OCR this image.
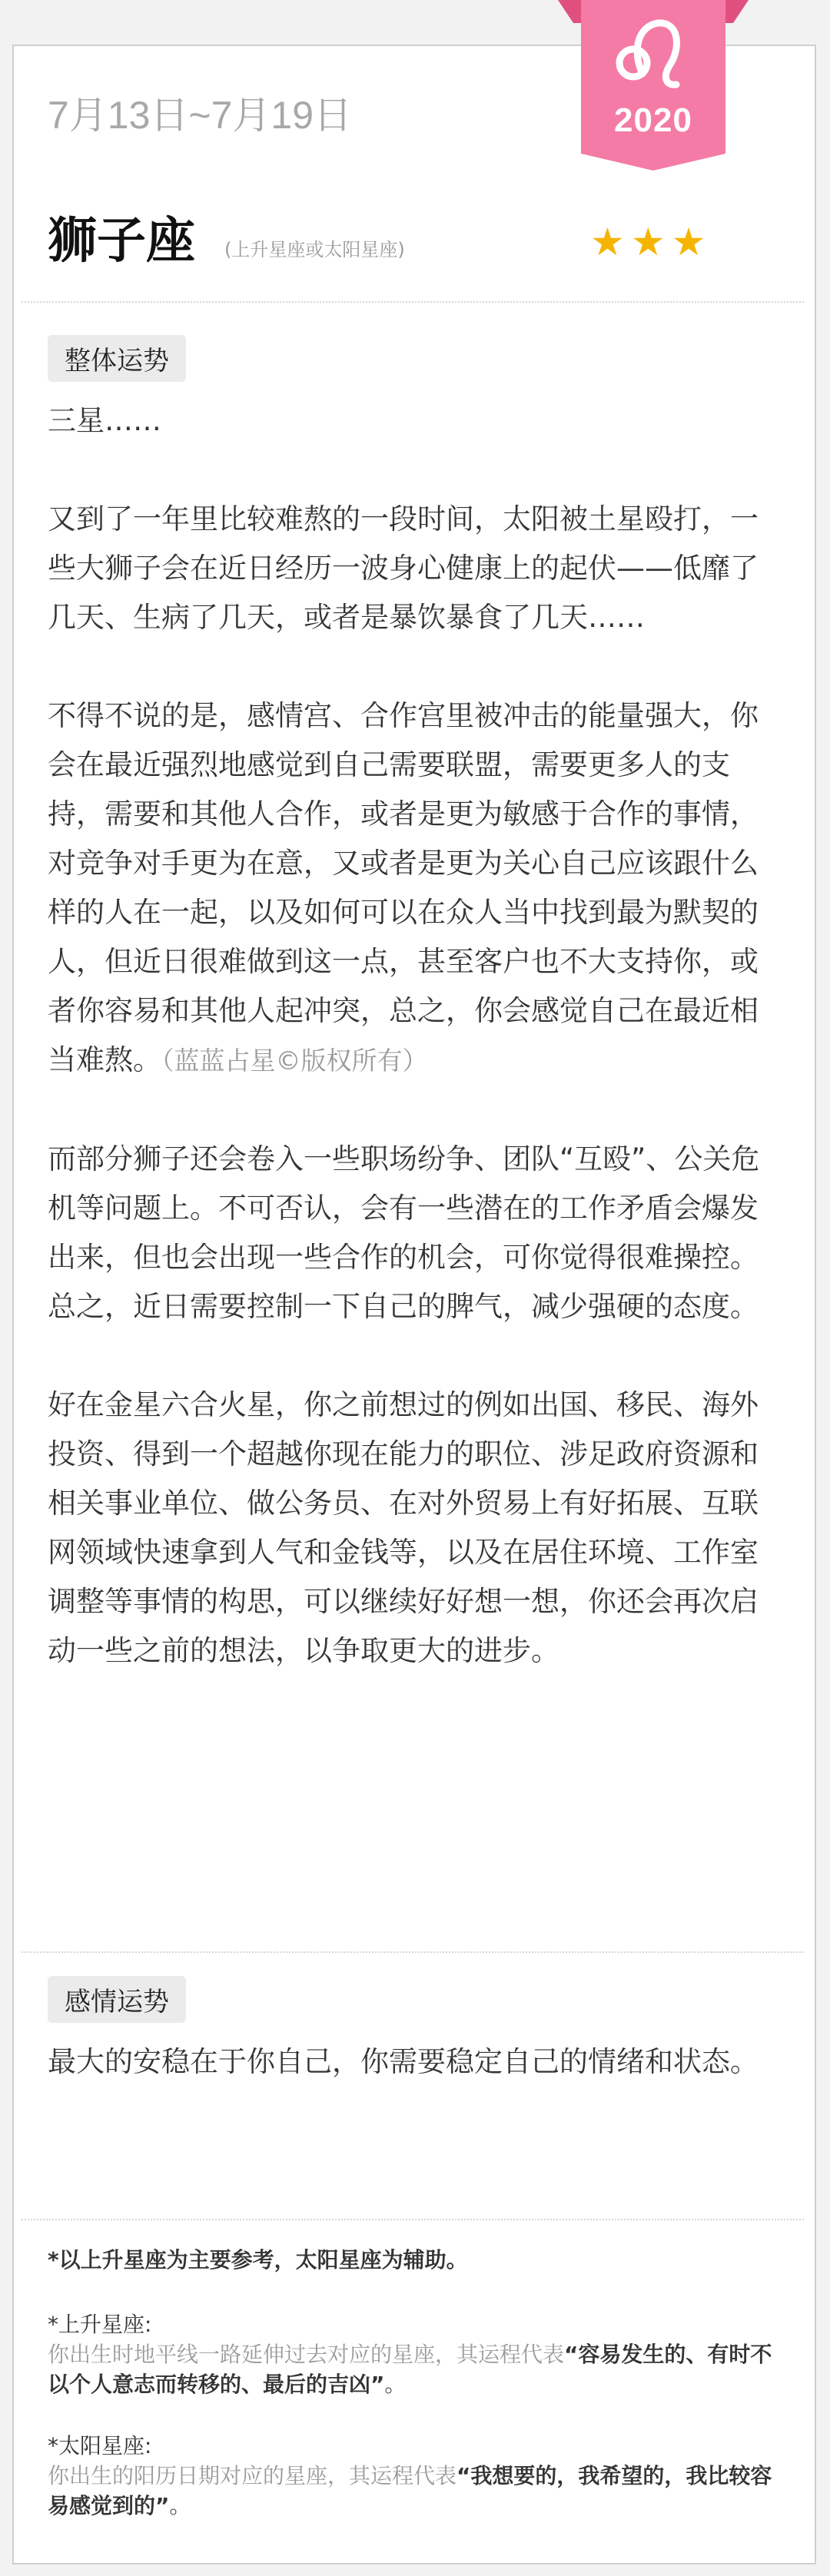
2020
7月13日~7月19日
狮子座 (上升星座或太阳星座)	★★★
整体运势

三星……

又到了一年里比较难熬的一段时间，太阳被土星殴打，一些大狮子会在近日经历一波身心健康上的起伏——低靡了几天、生病了几天，或者是暴饮暴食了几天……

不得不说的是，感情宫、合作宫里被冲击的能量强大，你会在最近强烈地感觉到自己需要联盟，需要更多人的支持，需要和其他人合作，或者是更为敏感于合作的事情，对竞争对手更为在意，又或者是更为关心自己应该跟什么样的人在一起，以及如何可以在众人当中找到最为默契的人，但近日很难做到这一点，甚至客户也不大支持你，或者你容易和其他人起冲突，总之，你会感觉自己在最近相当难熬。（蓝蓝占星©版权所有）

而部分狮子还会卷入一些职场纷争、团队“互殴”、公关危机等问题上。不可否认，会有一些潜在的工作矛盾会爆发出来，但也会出现一些合作的机会，可你觉得很难操控。总之，近日需要控制一下自己的脾气，减少强硬的态度。

好在金星六合火星，你之前想过的例如出国、移民、海外投资、得到一个超越你现在能力的职位、涉足政府资源和相关事业单位、做公务员、在对外贸易上有好拓展、互联网领域快速拿到人气和金钱等，以及在居住环境、工作室调整等事情的构思，可以继续好好想一想，你还会再次启动一些之前的想法，以争取更大的进步。

感情运势

最大的安稳在于你自己，你需要稳定自己的情绪和状态。

*以上升星座为主要参考，太阳星座为辅助。
*上升星座:
你出生时地平线一路延伸过去对应的星座，其运程代表“容易发生的、有时不以个人意志而转移的、最后的吉凶”。
*太阳星座:
你出生的阳历日期对应的星座，其运程代表“我想要的，我希望的，我比较容易感觉到的”。
